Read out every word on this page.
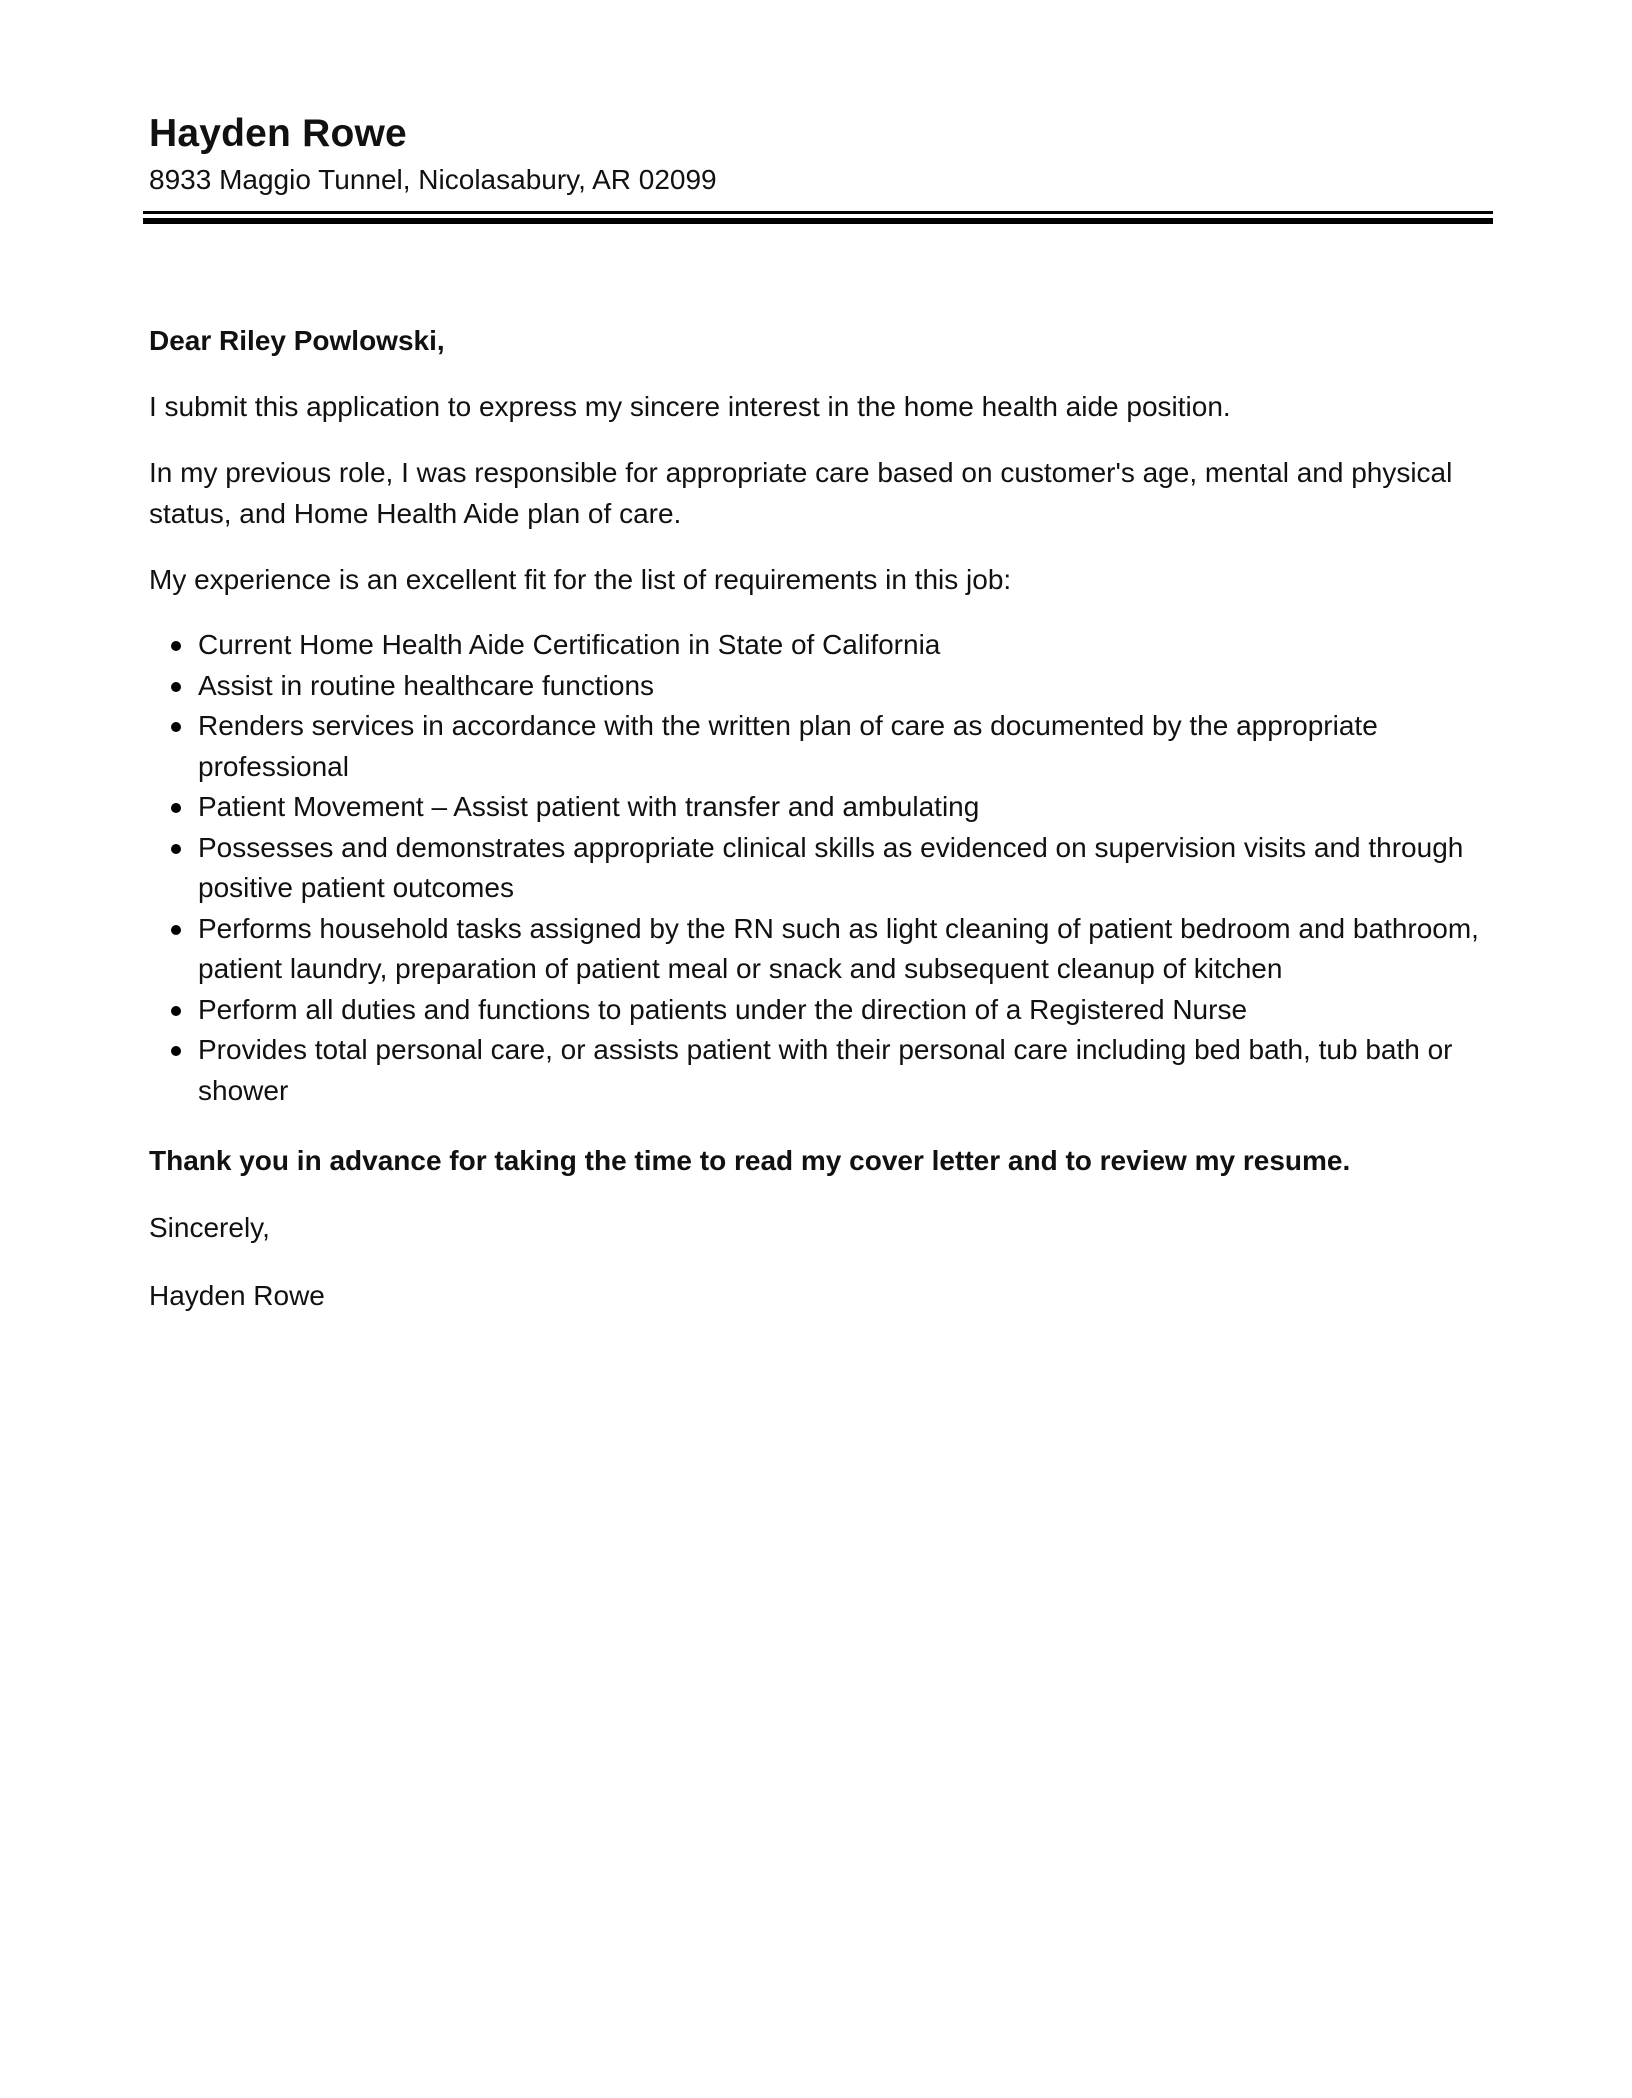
Hayden Rowe
8933 Maggio Tunnel, Nicolasabury, AR 02099

Dear Riley Powlowski,

I submit this application to express my sincere interest in the home health aide position.

In my previous role, I was responsible for appropriate care based on customer's age, mental and physical status, and Home Health Aide plan of care.

My experience is an excellent fit for the list of requirements in this job:

Current Home Health Aide Certification in State of California
Assist in routine healthcare functions
Renders services in accordance with the written plan of care as documented by the appropriate professional
Patient Movement – Assist patient with transfer and ambulating
Possesses and demonstrates appropriate clinical skills as evidenced on supervision visits and through positive patient outcomes
Performs household tasks assigned by the RN such as light cleaning of patient bedroom and bathroom, patient laundry, preparation of patient meal or snack and subsequent cleanup of kitchen
Perform all duties and functions to patients under the direction of a Registered Nurse
Provides total personal care, or assists patient with their personal care including bed bath, tub bath or shower

Thank you in advance for taking the time to read my cover letter and to review my resume.

Sincerely,

Hayden Rowe
